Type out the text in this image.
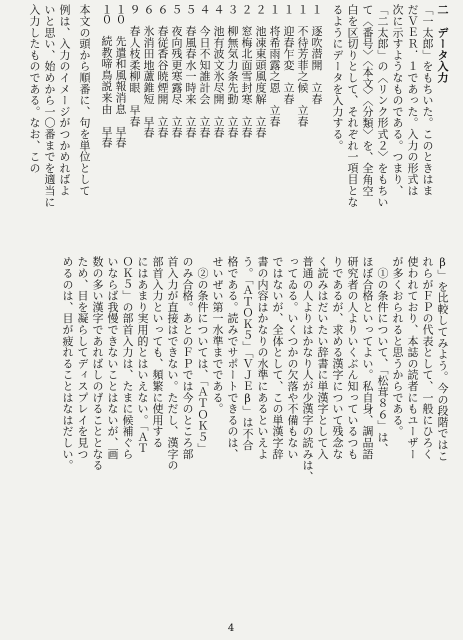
二　データ入力
「一太郎」をもちいた。このときはま
だＶＥＲ．１であった。入力の形式は
次に示すようなものである。つまり、
「二太郎」の〈リンク形式２〉をもちい
て〈番号〉〈本文〉〈分類〉を、全角空
白を区切りとして、それぞれ一項目とな
るようにデータを入力する。
１　逐吹潜開　立春
１　不待芳菲之候　立春
１　迎春乍変　立春
１　将希雨露之恩　立春
２　池凍東頭風度解　立春
２　窓梅北面雪封寒　立春
３　柳無気力条先動　立春
４　池有波文氷尽開　立春
４　今日不知誰計会　立春
５　春風春水一時来　立春
５　夜向残更寒露尽　立春
６　春従香谷暁煙開　立春
６　氷消田地蘆錐短　早春
９　春人枝柔柳眼　早春
１０　先遣和風報消息　早春
１０　続教啼鳥説来由　早春
本文の頭から順番に、句を単位として
例は、入力のイメージがつかめればよ
いと思い、始めから一〇番までを適当に
入力したものである。なお、この
β」を比較してみよう。今の段階ではこ
れらがＦＰの代表として、一般にひろく
使われており、本誌の読者にもユーザー
が多くおられると思うからである。
　①の条件について、「松茸８６」は、
ほぼ合格といってよい。私自身、調品語
研究者の人よりいくぶん知っているつも
りであるが、求める漢字について残念な
く読みはだいたい辞書に単漢字として入
普通の人よりはかなり人が少漢字の読みは、
ってゐる。いくつかの欠落や不備もない
ではないが、全体として、この単漢字辞
書の内容はかなりの水準にあるといえよ
う。「ＡＴＯＫ５」「ＶＪＥβ」は不合
格である。読みでサポートできるのは、
せいぜい第一水準までである。
　②の条件については、「ＡＴＯＫ５」
のみ合格。あとのＦＰでは今のところ部
首入力が直接はできない。ただし、漢字の
部首入力といっても、頻繁に使用する
にはあまり実用的とはいえない。「ＡＴ
ＯＫ５」の部首入力は、たまに候補ぐら
いならば我慢できないことはないが、画
数の多い漢字であればしのげることとなる
ため、目を凝らしてディスプレイを見つ
めるのは、目が疲れることはなはだしい。
4
